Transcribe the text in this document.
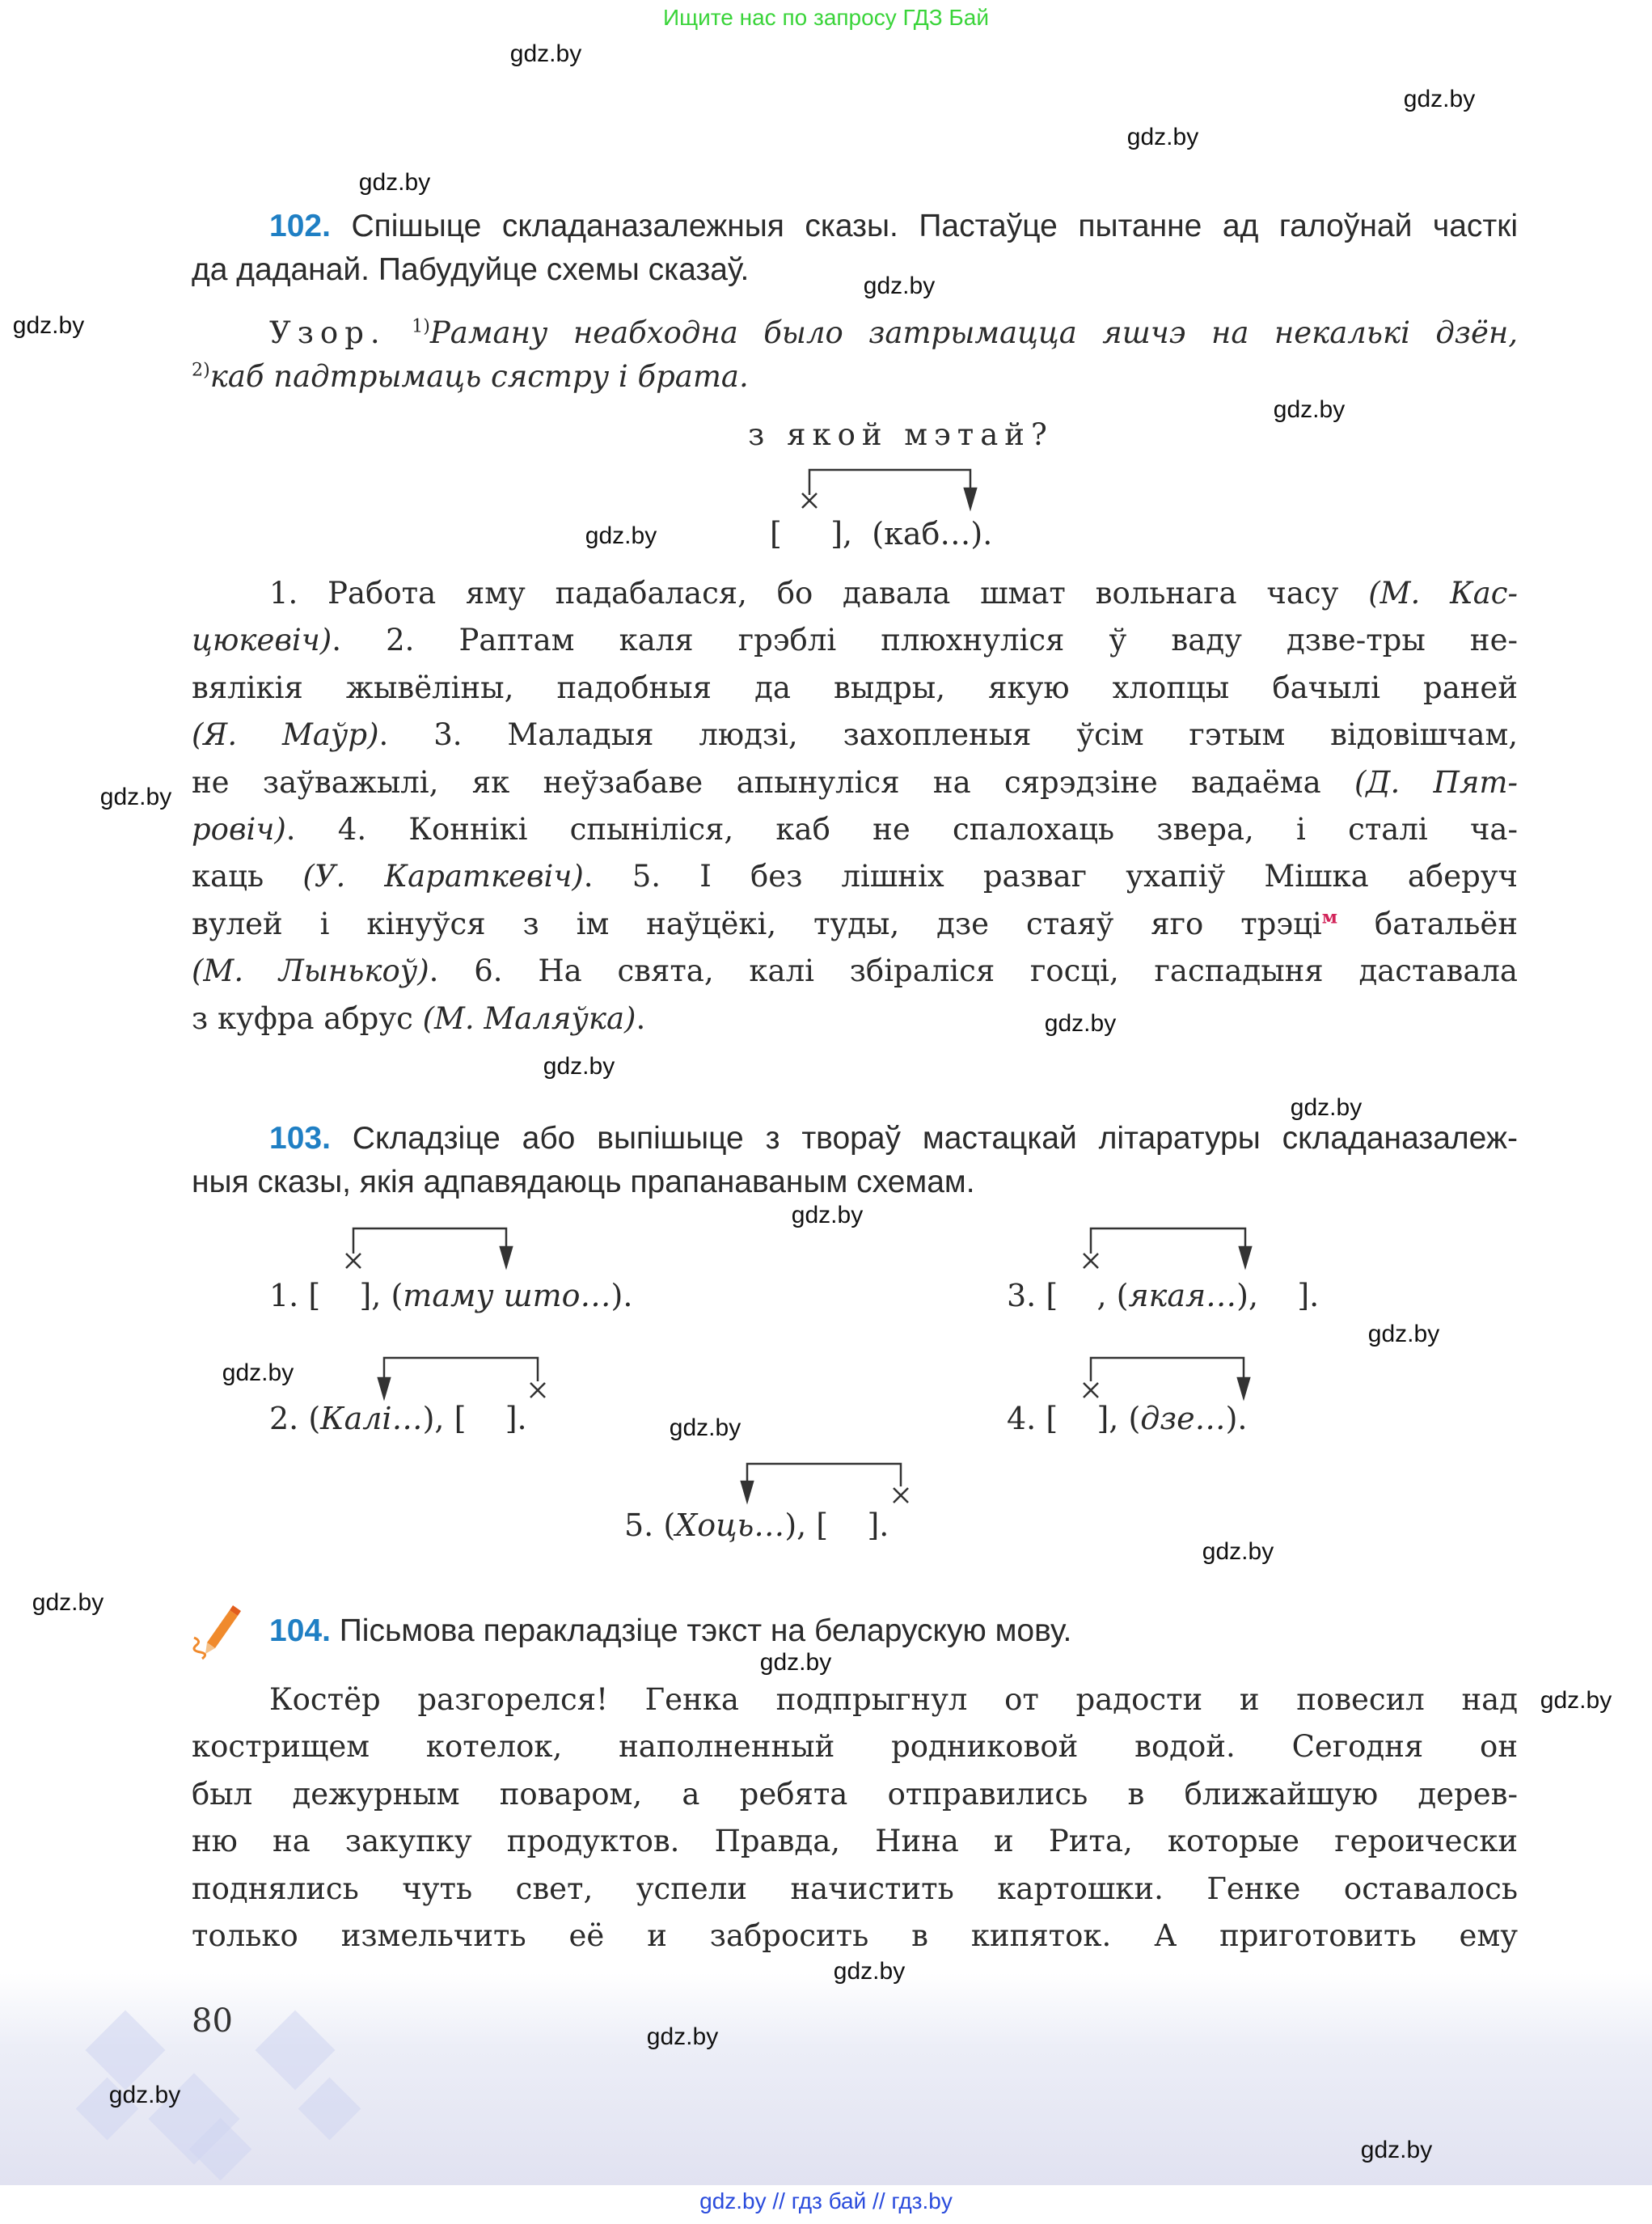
Ищите нас по запросу ГДЗ Бай
102. Спішыце складаназалежныя сказы. Пастаўце пытанне ад галоўнай часткі
да даданай. Пабудуйце схемы сказаў.
Узор. $^{1)}$Раману неабходна было затрымацца яшчэ на некалькі дзён,
$^{2)}$каб падтрымаць сястру і брата.
з якой мэтай?
[     ],  (каб…).
1. Работа яму падабалася, бо давала шмат вольнага часу (М. Кас-
цюкевіч). 2. Раптам каля грэблі плюхнуліся ў ваду дзве-тры не-
вялікія жывёліны, падобныя да выдры, якую хлопцы бачылі раней
(Я. Маўр). 3. Маладыя людзі, захопленыя ўсім гэтым відовішчам,
не заўважылі, як неўзабаве апынуліся на сярэдзіне вадаёма (Д. Пят-
ровіч). 4. Коннікі спыніліся, каб не спалохаць звера, і сталі ча-
каць (У. Караткевіч). 5. І без лішніх разваг ухапіў Мішка аберуч
вулей і кінуўся з ім наўцёкі, туды, дзе стаяў яго трэці$^м$ батальён
(М. Лынькоў). 6. На свята, калі збіраліся госці, гаспадыня даставала
з куфра абрус (М. Маляўка).
103. Складзіце або выпішыце з твораў мастацкай літаратуры складаназалеж-
ныя сказы, якія адпавядаюць прапанаваным схемам.
1. [    ], (таму што…).
2. (Калі…), [    ].
3. [    , (якая…),    ].
4. [    ], (дзе…).
5. (Хоць…), [    ].
104. Пісьмова перакладзіце тэкст на беларускую мову.
Костёр разгорелся! Генка подпрыгнул от радости и повесил над
кострищем котелок, наполненный родниковой водой. Сегодня он
был дежурным поваром, а ребята отправились в ближайшую дерев-
ню на закупку продуктов. Правда, Нина и Рита, которые героически
поднялись чуть свет, успели начистить картошки. Генке оставалось
только измельчить её и забросить в кипяток. А приготовить ему
80
gdz.by
gdz.by
gdz.by
gdz.by
gdz.by
gdz.by
gdz.by
gdz.by
gdz.by
gdz.by
gdz.by
gdz.by
gdz.by
gdz.by
gdz.by
gdz.by
gdz.by
gdz.by
gdz.by
gdz.by
gdz.by
gdz.by
gdz.by
gdz.by
gdz.by // гдз бай // гдз.by
